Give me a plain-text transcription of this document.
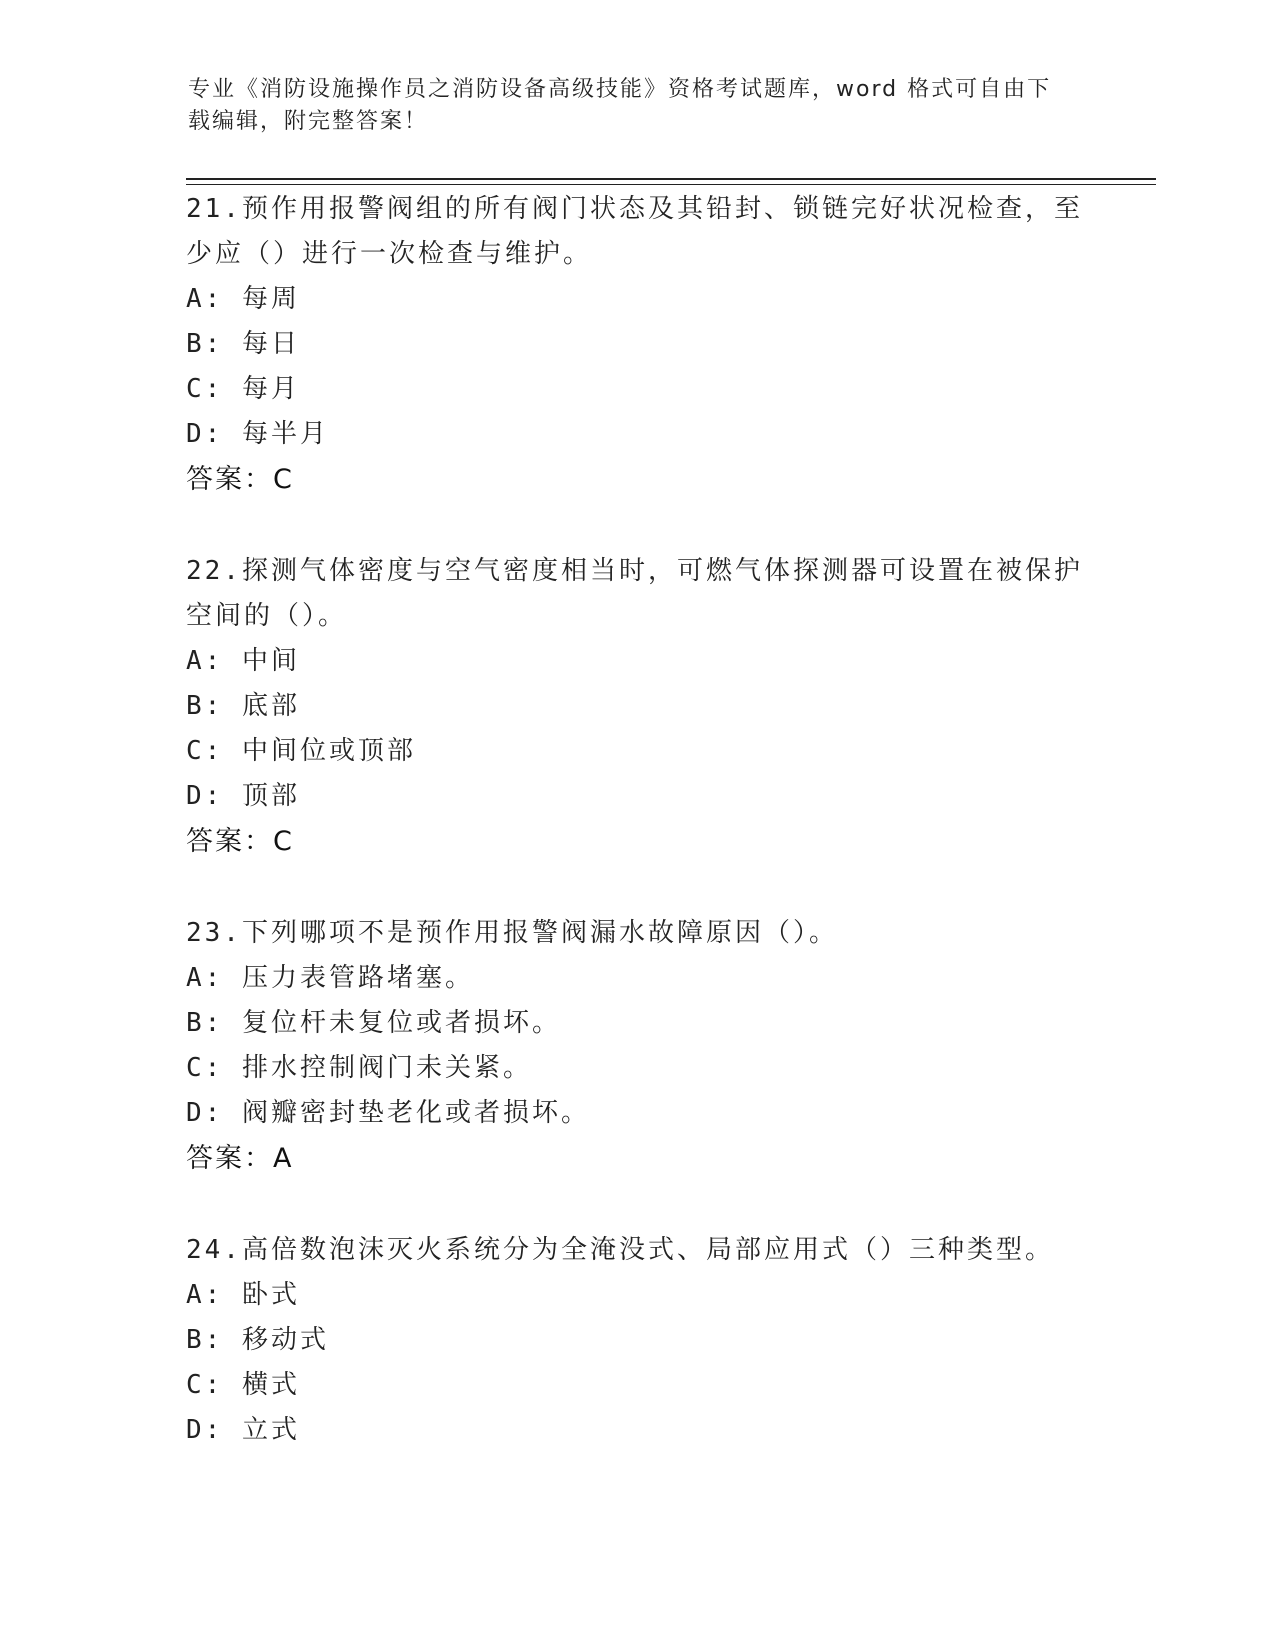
专业《消防设施操作员之消防设备高级技能》资格考试题库，word 格式可自由下
载编辑，附完整答案！

21.预作用报警阀组的所有阀门状态及其铅封、锁链完好状况检查，至

少应（）进行一次检查与维护。

A: 每周

B: 每日

C: 每月

D: 每半月

答案：C

22.探测气体密度与空气密度相当时，可燃气体探测器可设置在被保护

空间的（）。

A: 中间

B: 底部

C: 中间位或顶部

D: 顶部

答案：C

23.下列哪项不是预作用报警阀漏水故障原因（）。

A: 压力表管路堵塞。

B: 复位杆未复位或者损坏。

C: 排水控制阀门未关紧。

D: 阀瓣密封垫老化或者损坏。

答案：A

24.高倍数泡沫灭火系统分为全淹没式、局部应用式（）三种类型。

A: 卧式

B: 移动式

C: 横式

D: 立式
